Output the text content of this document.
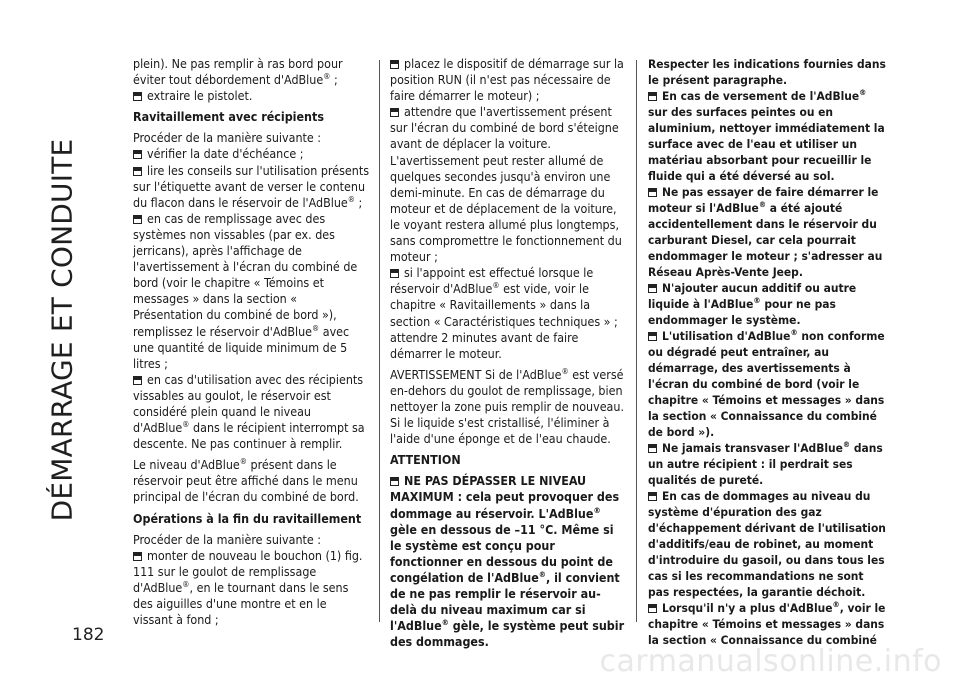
DÉMARRAGE ET CONDUITE
182

plein). Ne pas remplir à ras bord pour éviter tout débordement d'AdBlue® ;
extraire le pistolet.

Ravitaillement avec récipients

Procéder de la manière suivante :
vérifier la date d'échéance ;
lire les conseils sur l'utilisation présents sur l'étiquette avant de verser le contenu du flacon dans le réservoir de l'AdBlue® ;
en cas de remplissage avec des systèmes non vissables (par ex. des jerricans), après l'affichage de l'avertissement à l'écran du combiné de bord (voir le chapitre « Témoins et messages » dans la section « Présentation du combiné de bord »), remplissez le réservoir d'AdBlue® avec une quantité de liquide minimum de 5 litres ;
en cas d'utilisation avec des récipients vissables au goulot, le réservoir est considéré plein quand le niveau d'AdBlue® dans le récipient interrompt sa descente. Ne pas continuer à remplir.

Le niveau d'AdBlue® présent dans le réservoir peut être affiché dans le menu principal de l'écran du combiné de bord.

Opérations à la fin du ravitaillement

Procéder de la manière suivante :
monter de nouveau le bouchon (1) fig. 111 sur le goulot de remplissage d'AdBlue®, en le tournant dans le sens des aiguilles d'une montre et en le vissant à fond ;

placez le dispositif de démarrage sur la position RUN (il n'est pas nécessaire de faire démarrer le moteur) ;
attendre que l'avertissement présent sur l'écran du combiné de bord s'éteigne avant de déplacer la voiture. L'avertissement peut rester allumé de quelques secondes jusqu'à environ une demi-minute. En cas de démarrage du moteur et de déplacement de la voiture, le voyant restera allumé plus longtemps, sans compromettre le fonctionnement du moteur ;
si l'appoint est effectué lorsque le réservoir d'AdBlue® est vide, voir le chapitre « Ravitaillements » dans la section « Caractéristiques techniques » ; attendre 2 minutes avant de faire démarrer le moteur.

AVERTISSEMENT Si de l'AdBlue® est versé en-dehors du goulot de remplissage, bien nettoyer la zone puis remplir de nouveau. Si le liquide s'est cristallisé, l'éliminer à l'aide d'une éponge et de l'eau chaude.

ATTENTION

NE PAS DÉPASSER LE NIVEAU MAXIMUM : cela peut provoquer des dommage au réservoir. L'AdBlue® gèle en dessous de –11 °C. Même si le système est conçu pour fonctionner en dessous du point de congélation de l'AdBlue®, il convient de ne pas remplir le réservoir au-delà du niveau maximum car si l'AdBlue® gèle, le système peut subir des dommages.

Respecter les indications fournies dans le présent paragraphe.
En cas de versement de l'AdBlue® sur des surfaces peintes ou en aluminium, nettoyer immédiatement la surface avec de l'eau et utiliser un matériau absorbant pour recueillir le fluide qui a été déversé au sol.
Ne pas essayer de faire démarrer le moteur si l'AdBlue® a été ajouté accidentellement dans le réservoir du carburant Diesel, car cela pourrait endommager le moteur ; s'adresser au Réseau Après-Vente Jeep.
N'ajouter aucun additif ou autre liquide à l'AdBlue® pour ne pas endommager le système.
L'utilisation d'AdBlue® non conforme ou dégradé peut entraîner, au démarrage, des avertissements à l'écran du combiné de bord (voir le chapitre « Témoins et messages » dans la section « Connaissance du combiné de bord »).
Ne jamais transvaser l'AdBlue® dans un autre récipient : il perdrait ses qualités de pureté.
En cas de dommages au niveau du système d'épuration des gaz d'échappement dérivant de l'utilisation d'additifs/eau de robinet, au moment d'introduire du gasoil, ou dans tous les cas si les recommandations ne sont pas respectées, la garantie déchoit.
Lorsqu'il n'y a plus d'AdBlue®, voir le chapitre « Témoins et messages » dans la section « Connaissance du combiné

carmanualsonline.info
